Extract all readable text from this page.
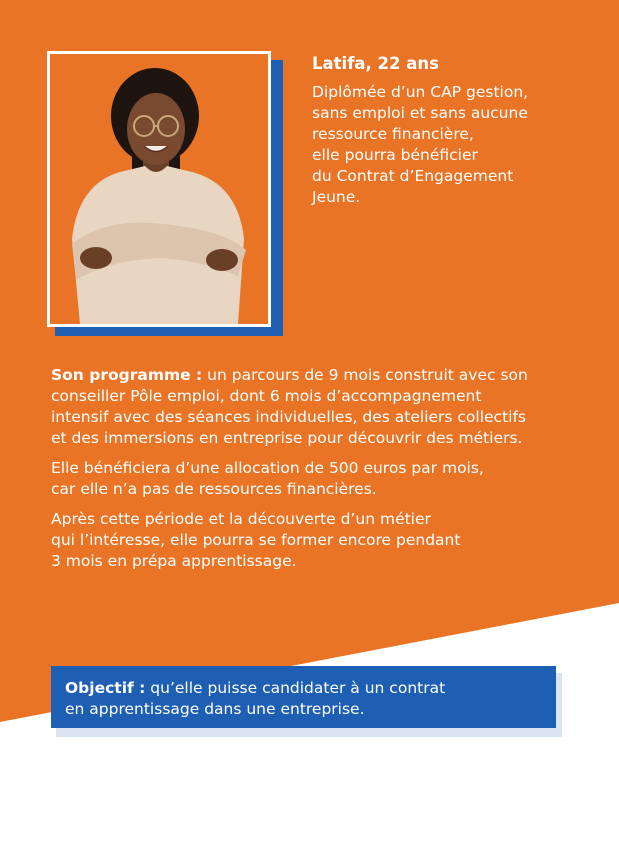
Latifa, 22 ans

Diplômée d’un CAP gestion,
sans emploi et sans aucune
ressource financière,
elle pourra bénéficier
du Contrat d’Engagement
Jeune.

Son programme : un parcours de 9 mois construit avec son
conseiller Pôle emploi, dont 6 mois d’accompagnement
intensif avec des séances individuelles, des ateliers collectifs
et des immersions en entreprise pour découvrir des métiers.

Elle bénéficiera d’une allocation de 500 euros par mois,
car elle n’a pas de ressources financières.

Après cette période et la découverte d’un métier
qui l’intéresse, elle pourra se former encore pendant
3 mois en prépa apprentissage.

Objectif : qu’elle puisse candidater à un contrat
en apprentissage dans une entreprise.
